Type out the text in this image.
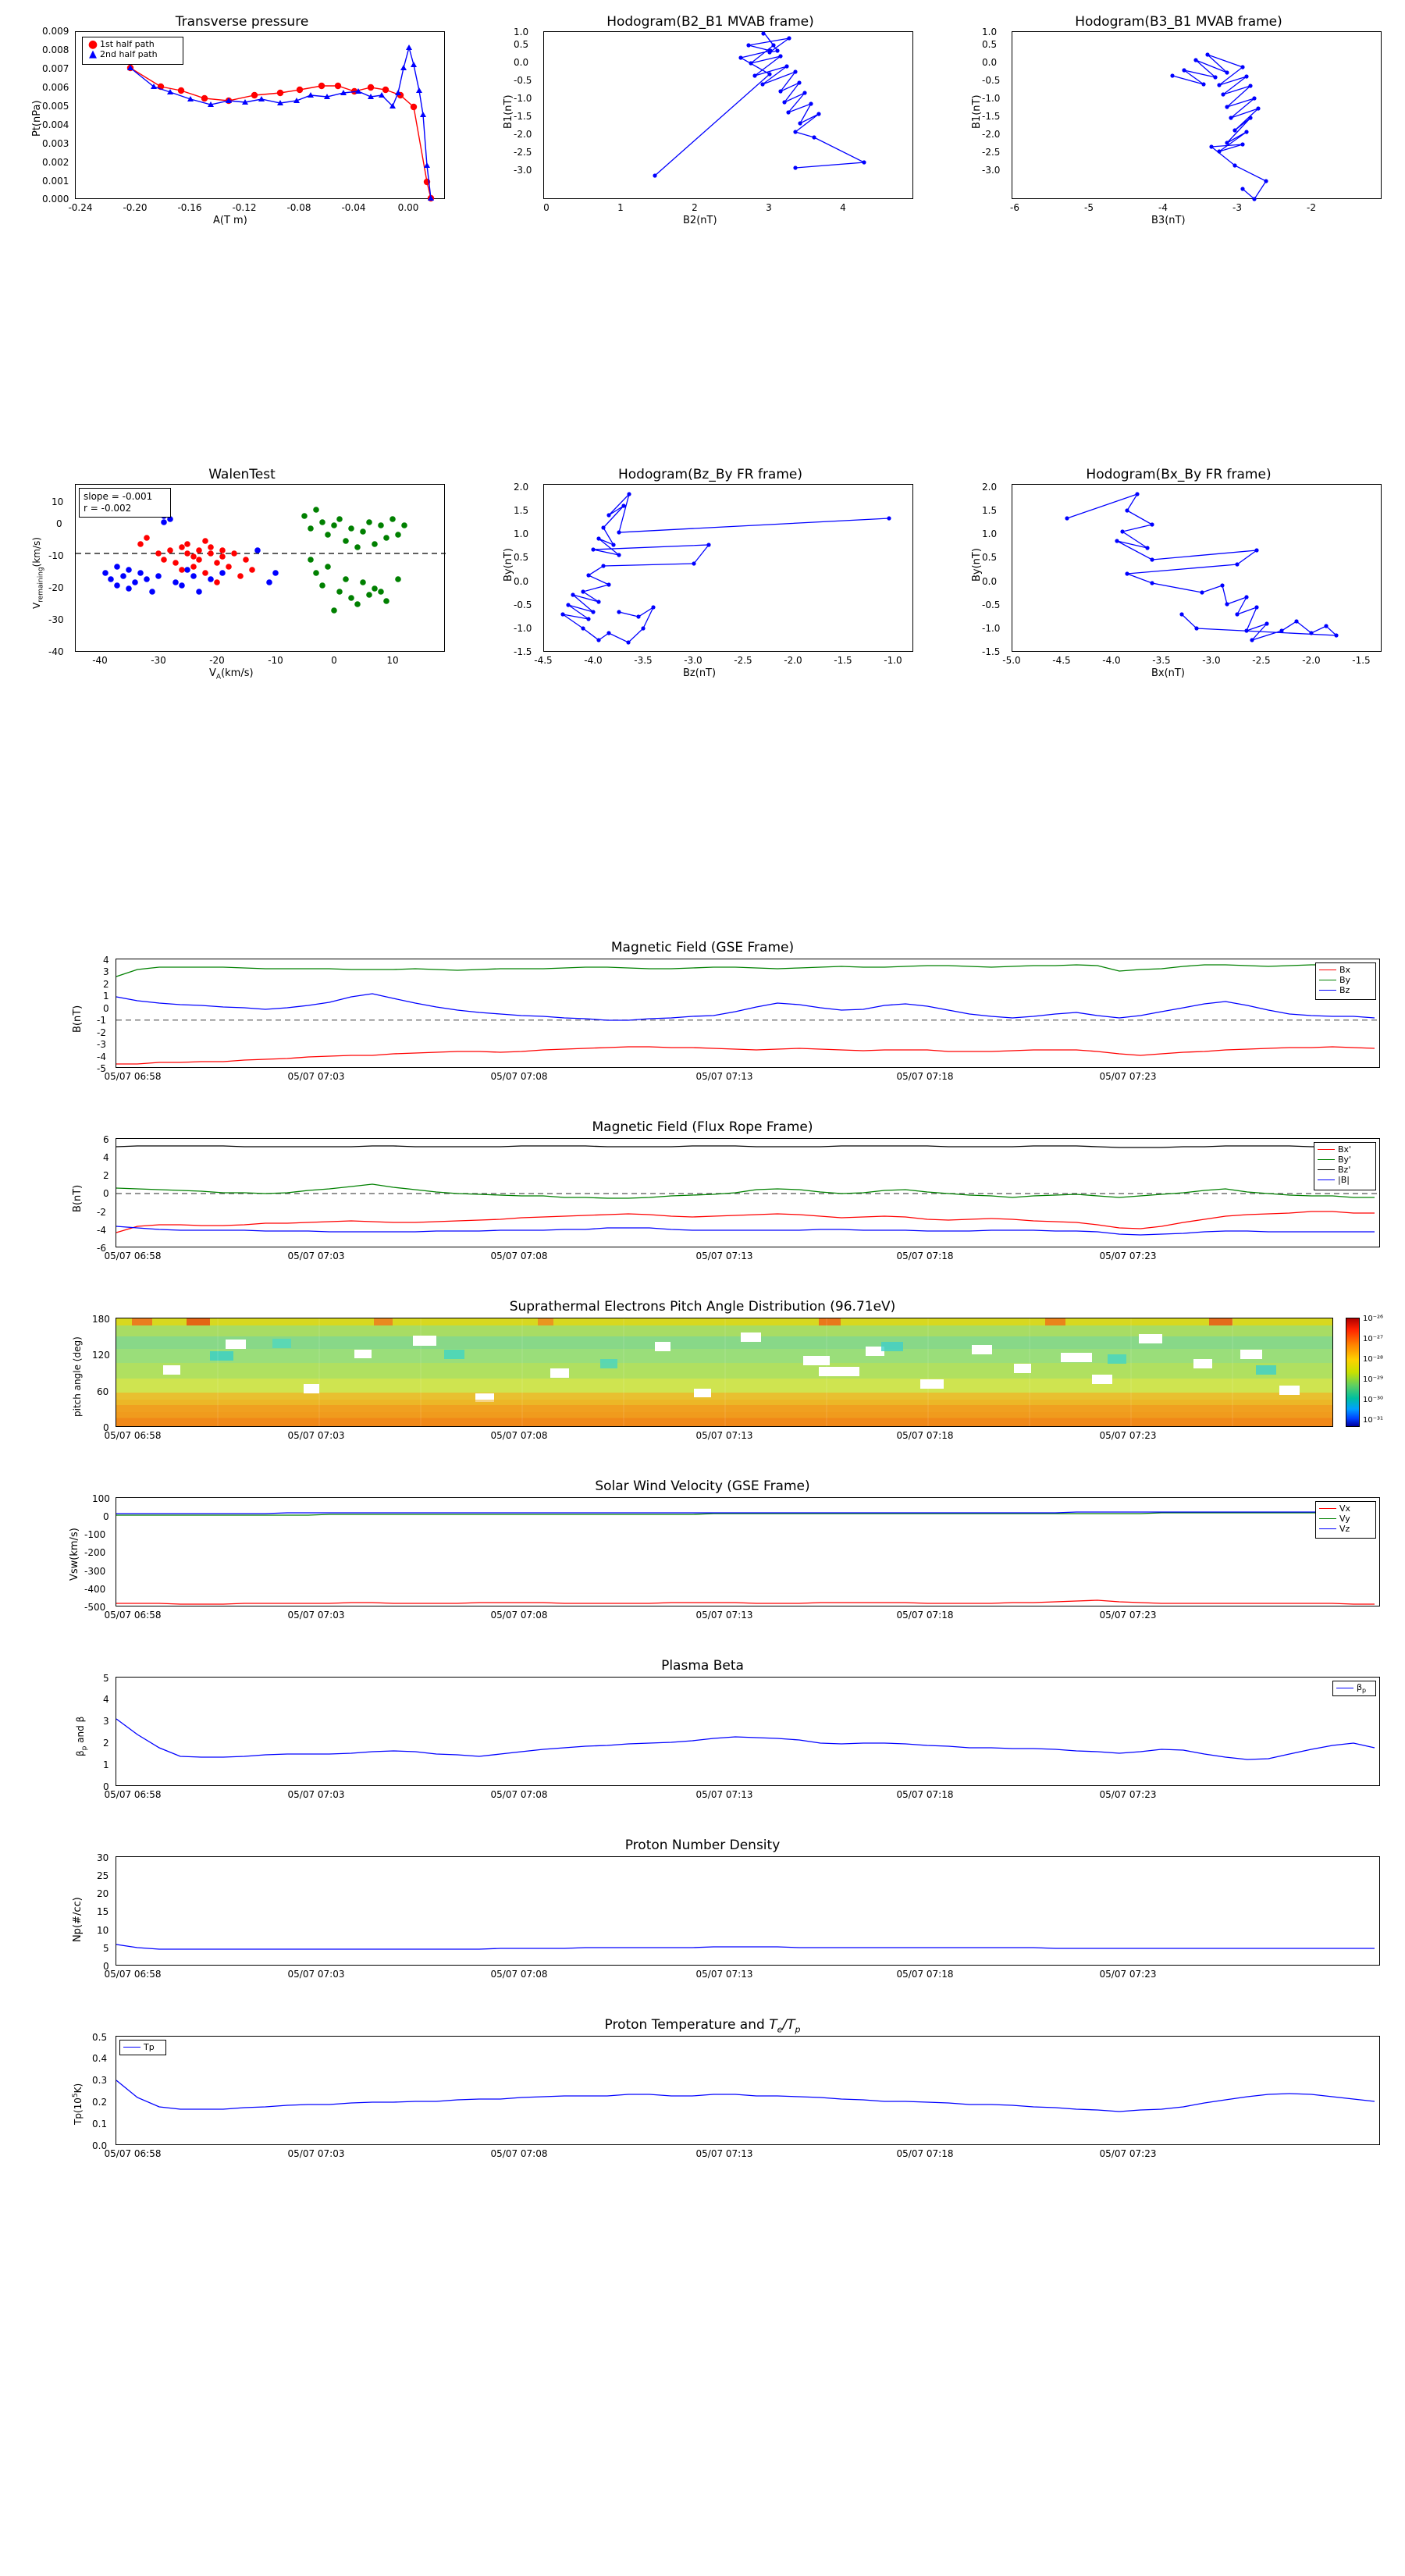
Transverse pressure
● 1st half path
▲ 2nd half path
Pt(nPa)
A(T m)
0.000
0.001
0.002
0.003
0.004
0.005
0.006
0.007
0.008
0.009
-0.24	-0.20	-0.16	-0.12	-0.08	-0.04	0.00
Hodogram(B2_B1 MVAB frame)
B1(nT)
B2(nT)
-3.0
-2.5
-2.0
-1.5
-1.0
-0.5
0.0
0.5
1.0
0	1	2	3	4
Hodogram(B3_B1 MVAB frame)
B1(nT)
B3(nT)
-3.0
-2.5
-2.0
-1.5
-1.0
-0.5
0.0
0.5
1.0
-6	-5	-4	-3	-2
WalenTest
slope = -0.001
r = -0.002
$V_{remaining}(km/s)$
$V_A(km/s)$
-40
-30
-20
-10
0
10
-40	-30	-20	-10	0	10
Hodogram(Bz_By FR frame)
By(nT)
Bz(nT)
-1.5
-1.0
-0.5
0.0
0.5
1.0
1.5
2.0
-4.5	-4.0	-3.5	-3.0	-2.5	-2.0	-1.5	-1.0
Hodogram(Bx_By FR frame)
By(nT)
Bx(nT)
-1.5
-1.0
-0.5
0.0
0.5
1.0
1.5
2.0
-5.0	-4.5	-4.0	-3.5	-3.0	-2.5	-2.0	-1.5
Magnetic Field (GSE Frame)
Bx
By
Bz
B(nT)
-5
-4
-3
-2
-1
0
1
2
3
4
05/07 06:58	05/07 07:03	05/07 07:08	05/07 07:13	05/07 07:18	05/07 07:23
Magnetic Field (Flux Rope Frame)
Bx'
By'
Bz'
|B|
B(nT)
-6
-4
-2
0
2
4
6
05/07 06:58	05/07 07:03	05/07 07:08	05/07 07:13	05/07 07:18	05/07 07:23
Suprathermal Electrons Pitch Angle Distribution (96.71eV)
10⁻²⁶
10⁻²⁷
10⁻²⁸
10⁻²⁹
10⁻³⁰
10⁻³¹
pitch angle (deg)
0
60
120
180
05/07 06:58	05/07 07:03	05/07 07:08	05/07 07:13	05/07 07:18	05/07 07:23
Solar Wind Velocity (GSE Frame)
Vx
Vy
Vz
Vsw(km/s)
-500
-400
-300
-200
-100
0
100
05/07 06:58	05/07 07:03	05/07 07:08	05/07 07:13	05/07 07:18	05/07 07:23
Plasma Beta
$\beta_p$
$\beta_p$ and β
0
1
2
3
4
5
05/07 06:58	05/07 07:03	05/07 07:08	05/07 07:13	05/07 07:18	05/07 07:23
Proton Number Density
Np(#/cc)
0
5
10
15
20
25
30
05/07 06:58	05/07 07:03	05/07 07:08	05/07 07:13	05/07 07:18	05/07 07:23
Proton Temperature and $T_e/T_p$
Tp
$Tp(10^5K)$
0.0
0.1
0.2
0.3
0.4
0.5
05/07 06:58	05/07 07:03	05/07 07:08	05/07 07:13	05/07 07:18	05/07 07:23
